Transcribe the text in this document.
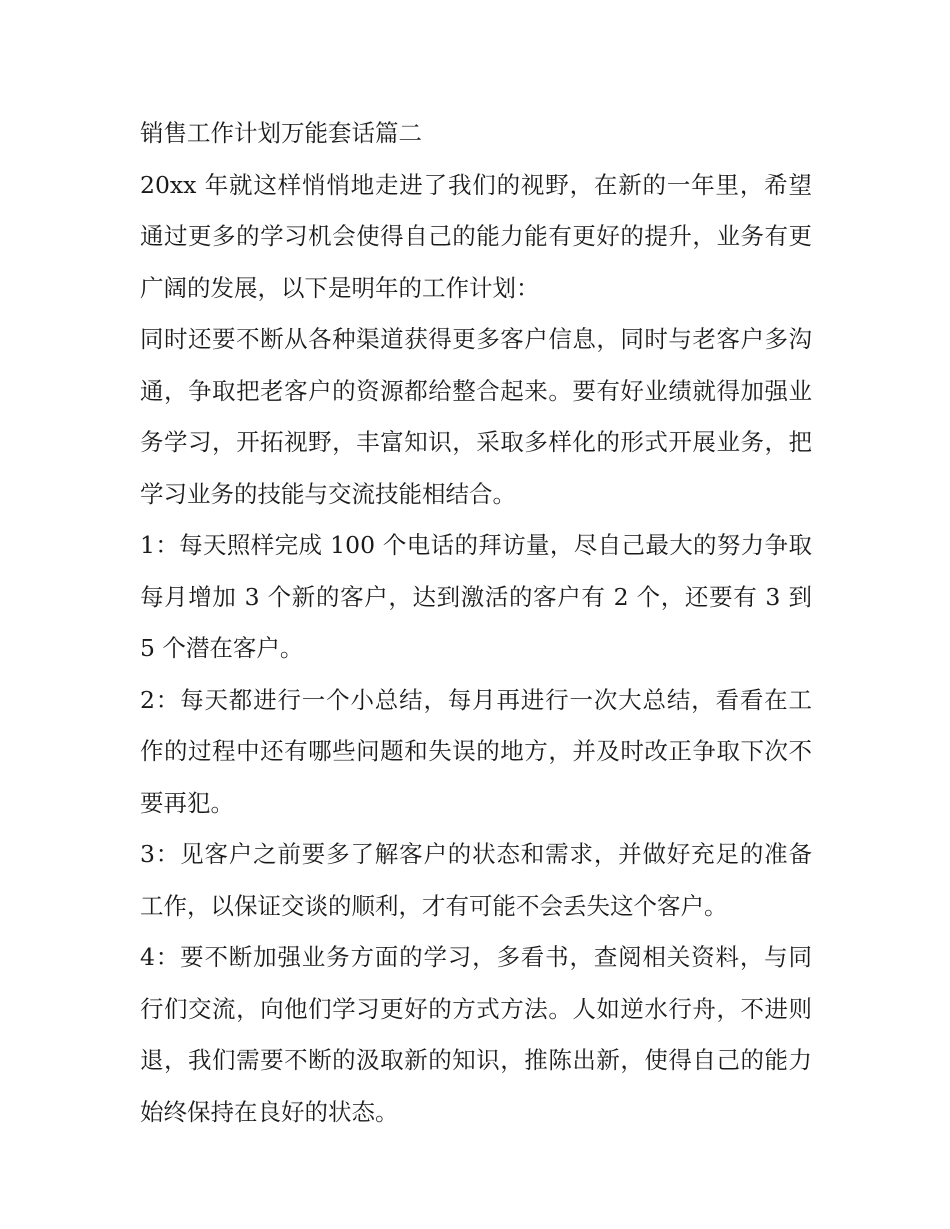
销售工作计划万能套话篇二

20xx 年就这样悄悄地走进了我们的视野，在新的一年里，希望通过更多的学习机会使得自己的能力能有更好的提升，业务有更广阔的发展，以下是明年的工作计划：

同时还要不断从各种渠道获得更多客户信息，同时与老客户多沟通，争取把老客户的资源都给整合起来。要有好业绩就得加强业务学习，开拓视野，丰富知识，采取多样化的形式开展业务，把学习业务的技能与交流技能相结合。

1：每天照样完成 100 个电话的拜访量，尽自己最大的努力争取每月增加 3 个新的客户，达到激活的客户有 2 个，还要有 3 到 5 个潜在客户。

2：每天都进行一个小总结，每月再进行一次大总结，看看在工作的过程中还有哪些问题和失误的地方，并及时改正争取下次不要再犯。

3：见客户之前要多了解客户的状态和需求，并做好充足的准备工作，以保证交谈的顺利，才有可能不会丢失这个客户。

4：要不断加强业务方面的学习，多看书，查阅相关资料，与同行们交流，向他们学习更好的方式方法。人如逆水行舟，不进则退，我们需要不断的汲取新的知识，推陈出新，使得自己的能力始终保持在良好的状态。
